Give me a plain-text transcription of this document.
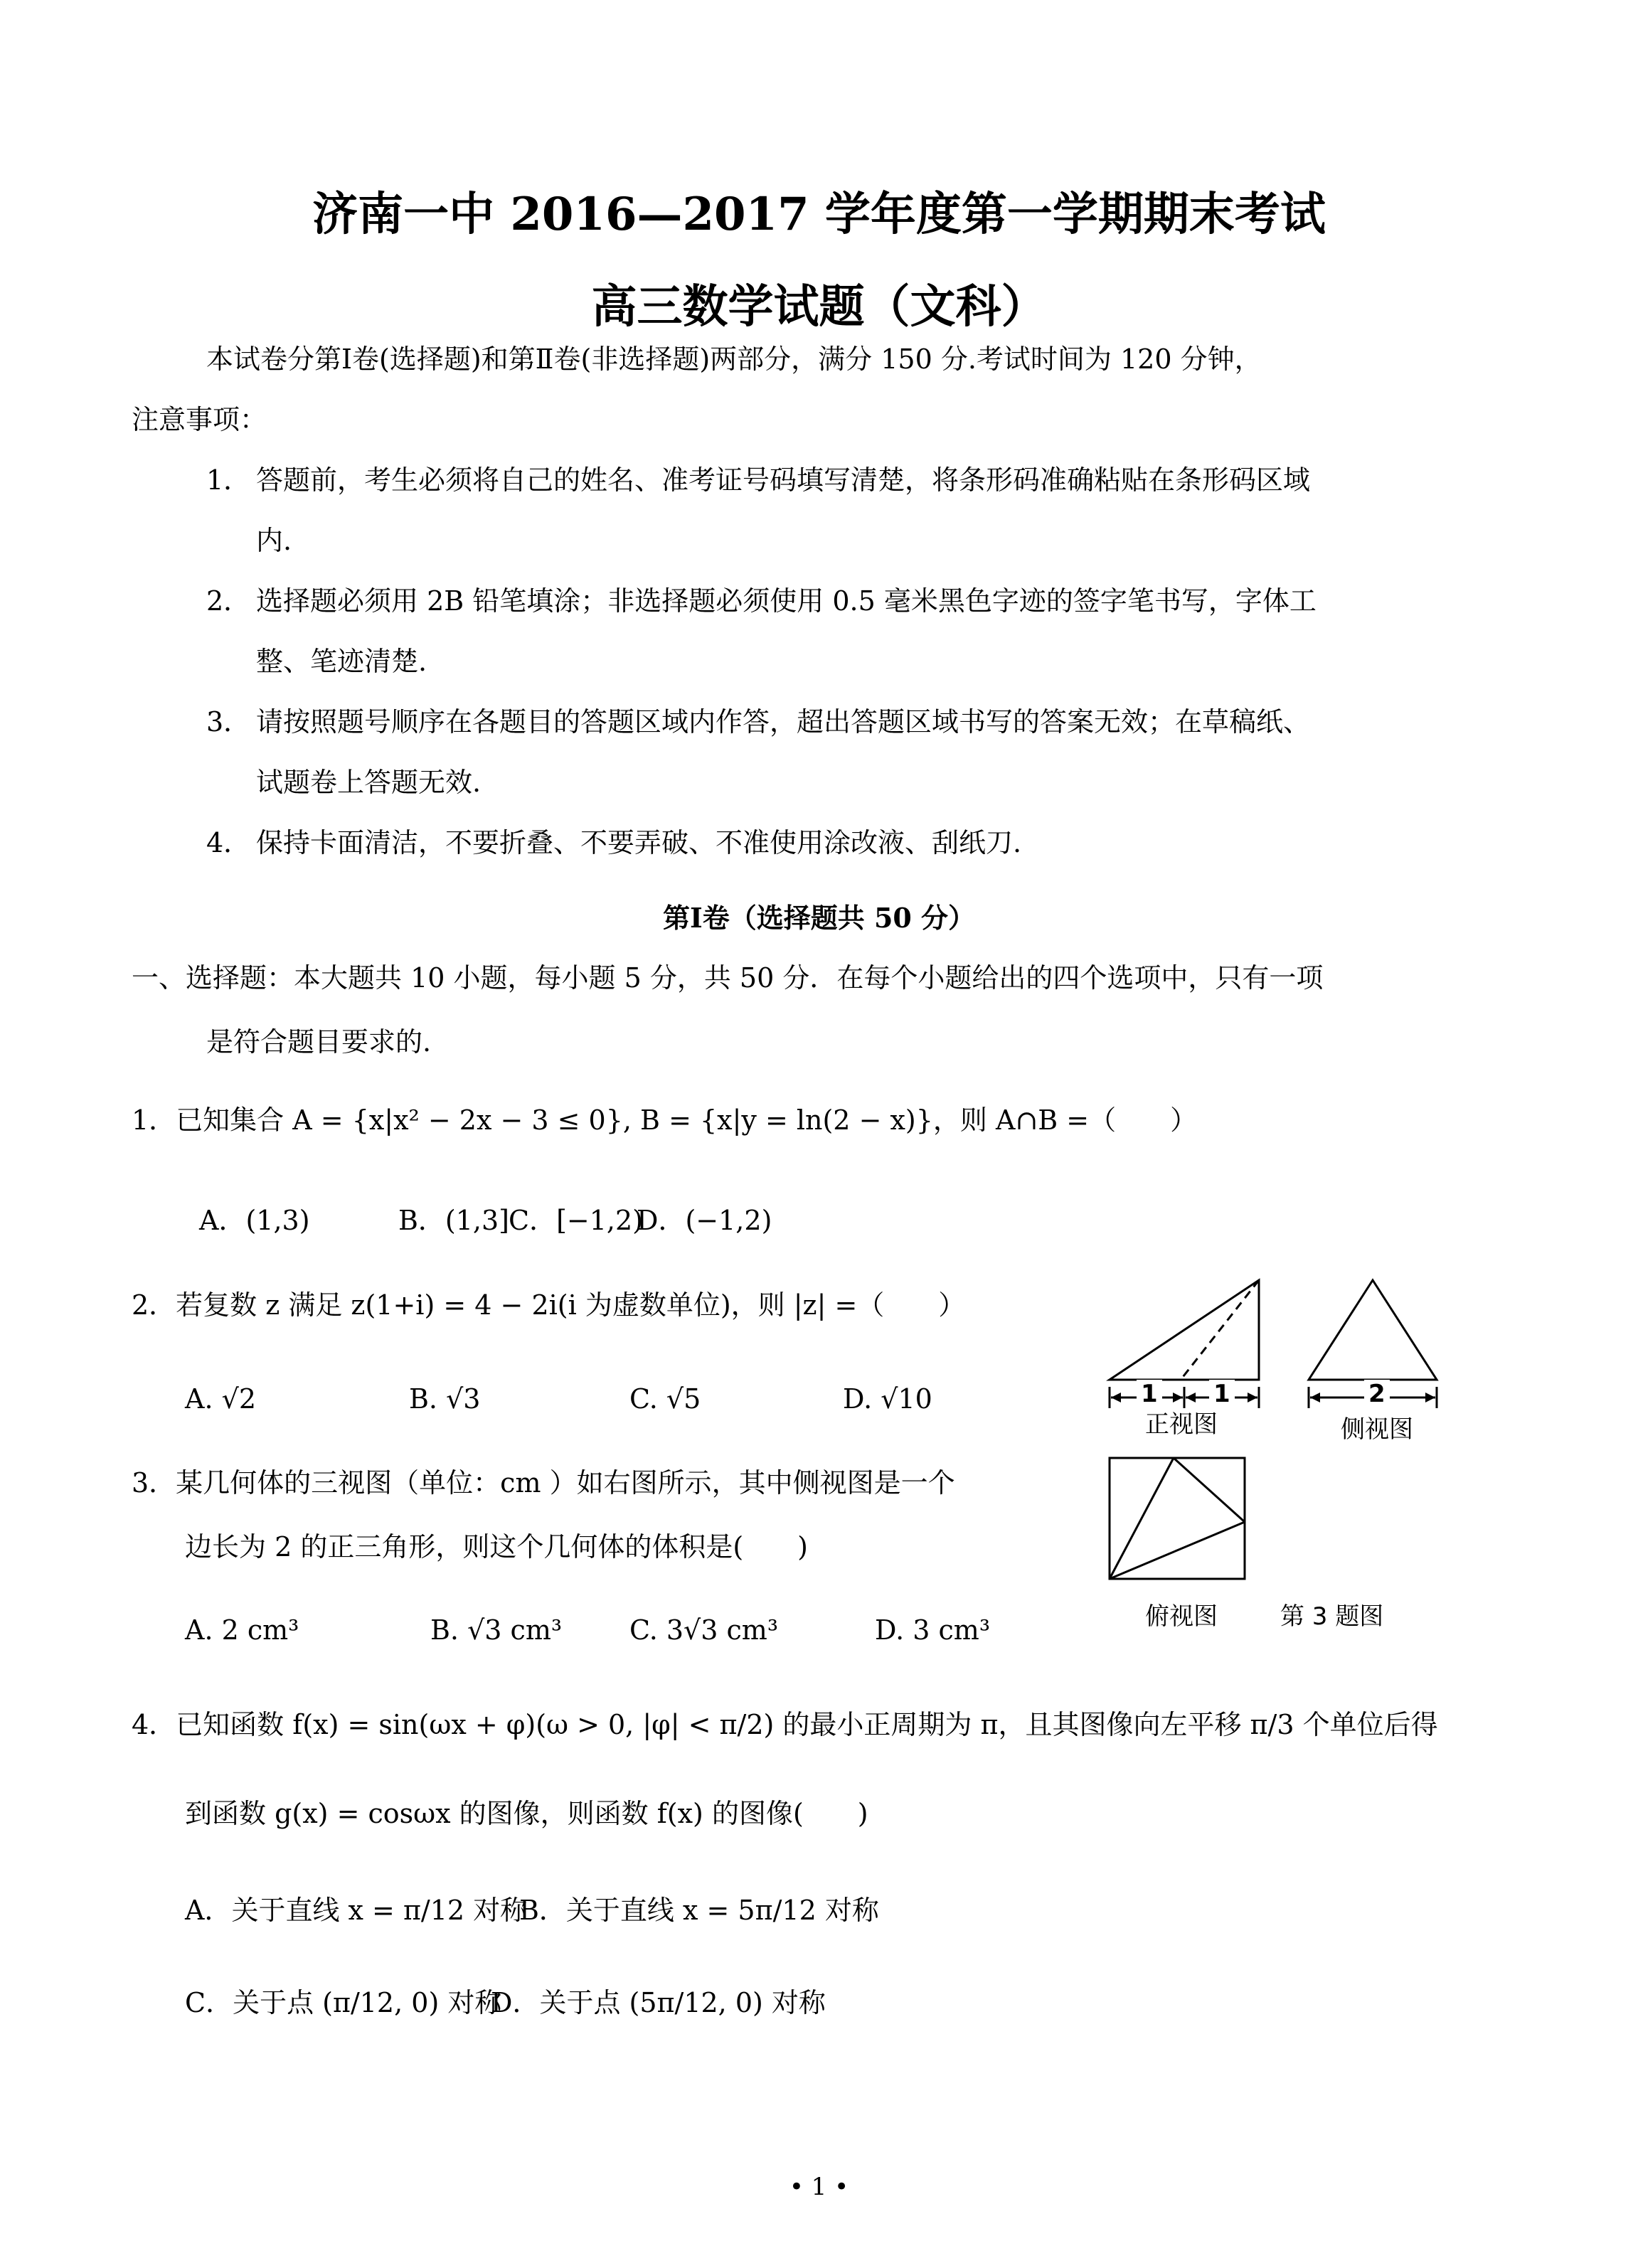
济南一中 2016—2017 学年度第一学期期末考试
高三数学试题（文科）
本试卷分第Ⅰ卷(选择题)和第Ⅱ卷(非选择题)两部分，满分 150 分.考试时间为 120 分钟，
注意事项：
1． 答题前，考生必须将自己的姓名、准考证号码填写清楚，将条形码准确粘贴在条形码区域
内.
2． 选择题必须用 2B 铅笔填涂；非选择题必须使用 0.5 毫米黑色字迹的签字笔书写，字体工
整、笔迹清楚.
3． 请按照题号顺序在各题目的答题区域内作答，超出答题区域书写的答案无效；在草稿纸、
试题卷上答题无效.
4． 保持卡面清洁，不要折叠、不要弄破、不准使用涂改液、刮纸刀.
第Ⅰ卷（选择题共 50 分）
一、选择题：本大题共 10 小题，每小题 5 分，共 50 分．在每个小题给出的四个选项中，只有一项
是符合题目要求的.
1．已知集合 A = {x|x² − 2x − 3 ≤ 0}, B = {x|y = ln(2 − x)}，则 A∩B =（　　）
A．(1,3)	B．(1,3]
C．[−1,2)
D．(−1,2)
2．若复数 z 满足 z(1+i) = 4 − 2i(i 为虚数单位)，则 |z| =（　　）
A. √2	B. √3	C. √5	D. √10
3．某几何体的三视图（单位：cm ）如右图所示，其中侧视图是一个
边长为 2 的正三角形，则这个几何体的体积是(　　)
A. 2 cm³	B. √3 cm³ C. 3√3 cm³	D. 3 cm³
4．已知函数 f(x) = sin(ωx + φ)(ω > 0, |φ| < π/2) 的最小正周期为 π，且其图像向左平移 π/3 个单位后得
到函数 g(x) = cosωx 的图像，则函数 f(x) 的图像(　　)
A．关于直线 x = π/12 对称
B．关于直线 x = 5π/12 对称
C．关于点 (π/12, 0) 对称
D．关于点 (5π/12, 0) 对称
1 1
正视图
2
侧视图
俯视图	第 3 题图
• 1 •
